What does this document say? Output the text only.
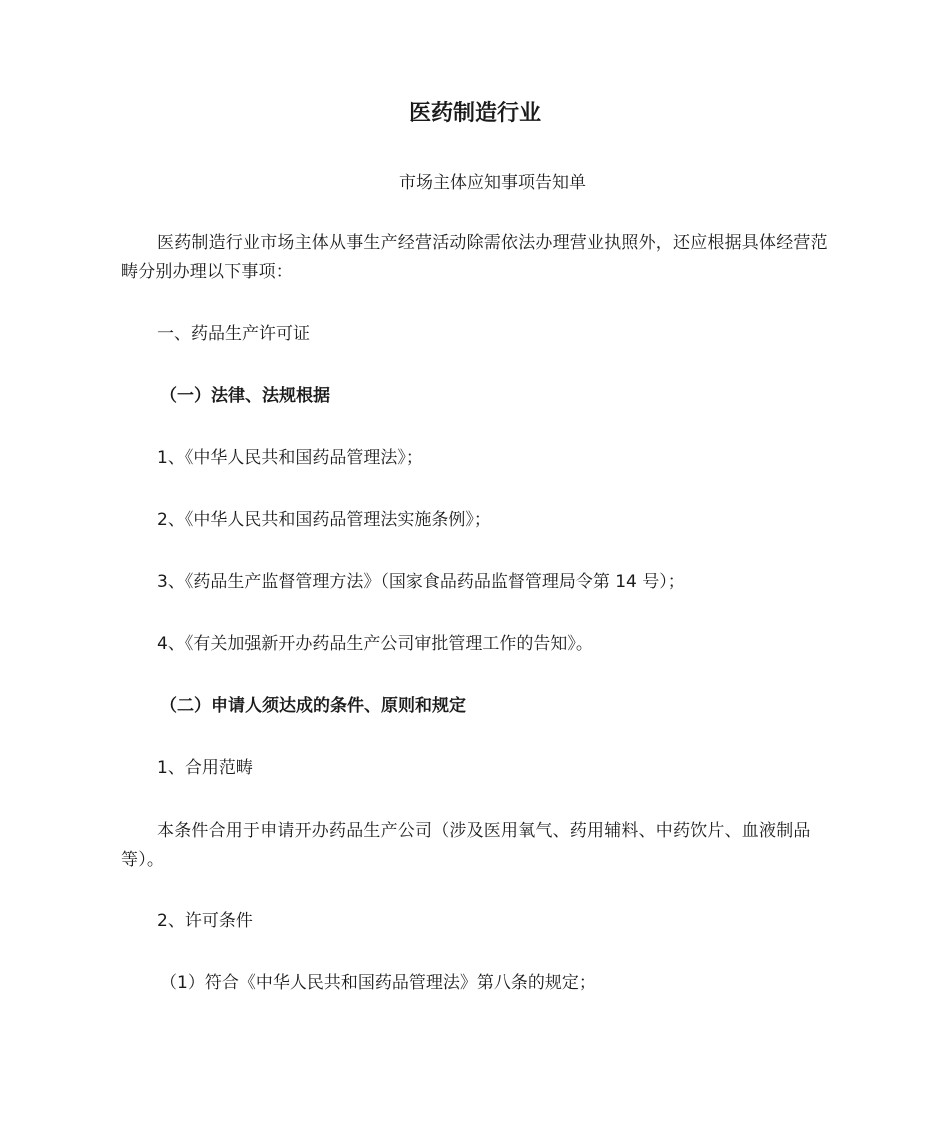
医药制造行业
市场主体应知事项告知单
医药制造行业市场主体从事生产经营活动除需依法办理营业执照外，还应根据具体经营范畴分别办理以下事项：
一、药品生产许可证
（一）法律、法规根据
1、《中华人民共和国药品管理法》；
2、《中华人民共和国药品管理法实施条例》；
3、《药品生产监督管理方法》（国家食品药品监督管理局令第 14 号）；
4、《有关加强新开办药品生产公司审批管理工作的告知》。
（二）申请人须达成的条件、原则和规定
1、合用范畴
本条件合用于申请开办药品生产公司（涉及医用氧气、药用辅料、中药饮片、血液制品等）。
2、许可条件
（1）符合《中华人民共和国药品管理法》第八条的规定；
